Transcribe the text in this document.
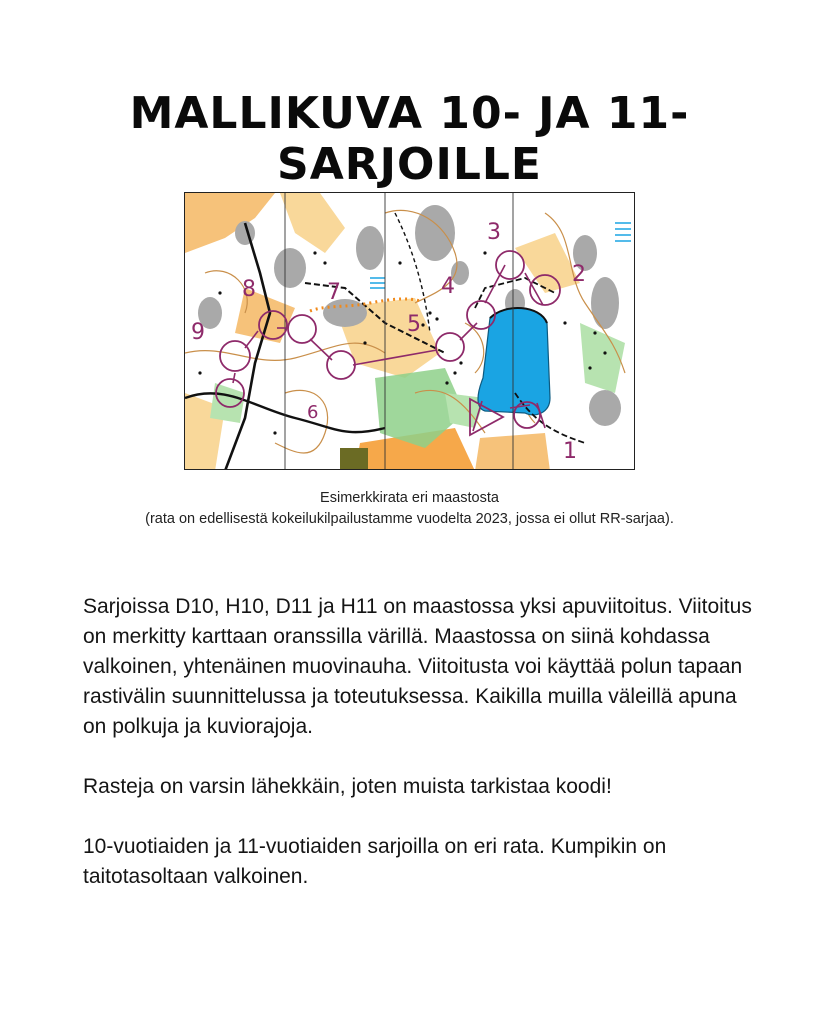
MALLIKUVA 10- JA 11-SARJOILLE
2
3
4
5
7
8
9
1
6
Esimerkkirata eri maastosta
(rata on edellisestä kokeilukilpailustamme vuodelta 2023, jossa ei ollut RR-sarjaa).

Sarjoissa D10, H10, D11 ja H11 on maastossa yksi apuviitoitus. Viitoitus on merkitty karttaan oranssilla värillä. Maastossa on siinä kohdassa valkoinen, yhtenäinen muovinauha. Viitoitusta voi käyttää polun tapaan rastivälin suunnittelussa ja toteutuksessa. Kaikilla muilla väleillä apuna on polkuja ja kuviorajoja.

Rasteja on varsin lähekkäin, joten muista tarkistaa koodi!

10-vuotiaiden ja 11-vuotiaiden sarjoilla on eri rata. Kumpikin on taitotasoltaan valkoinen.
